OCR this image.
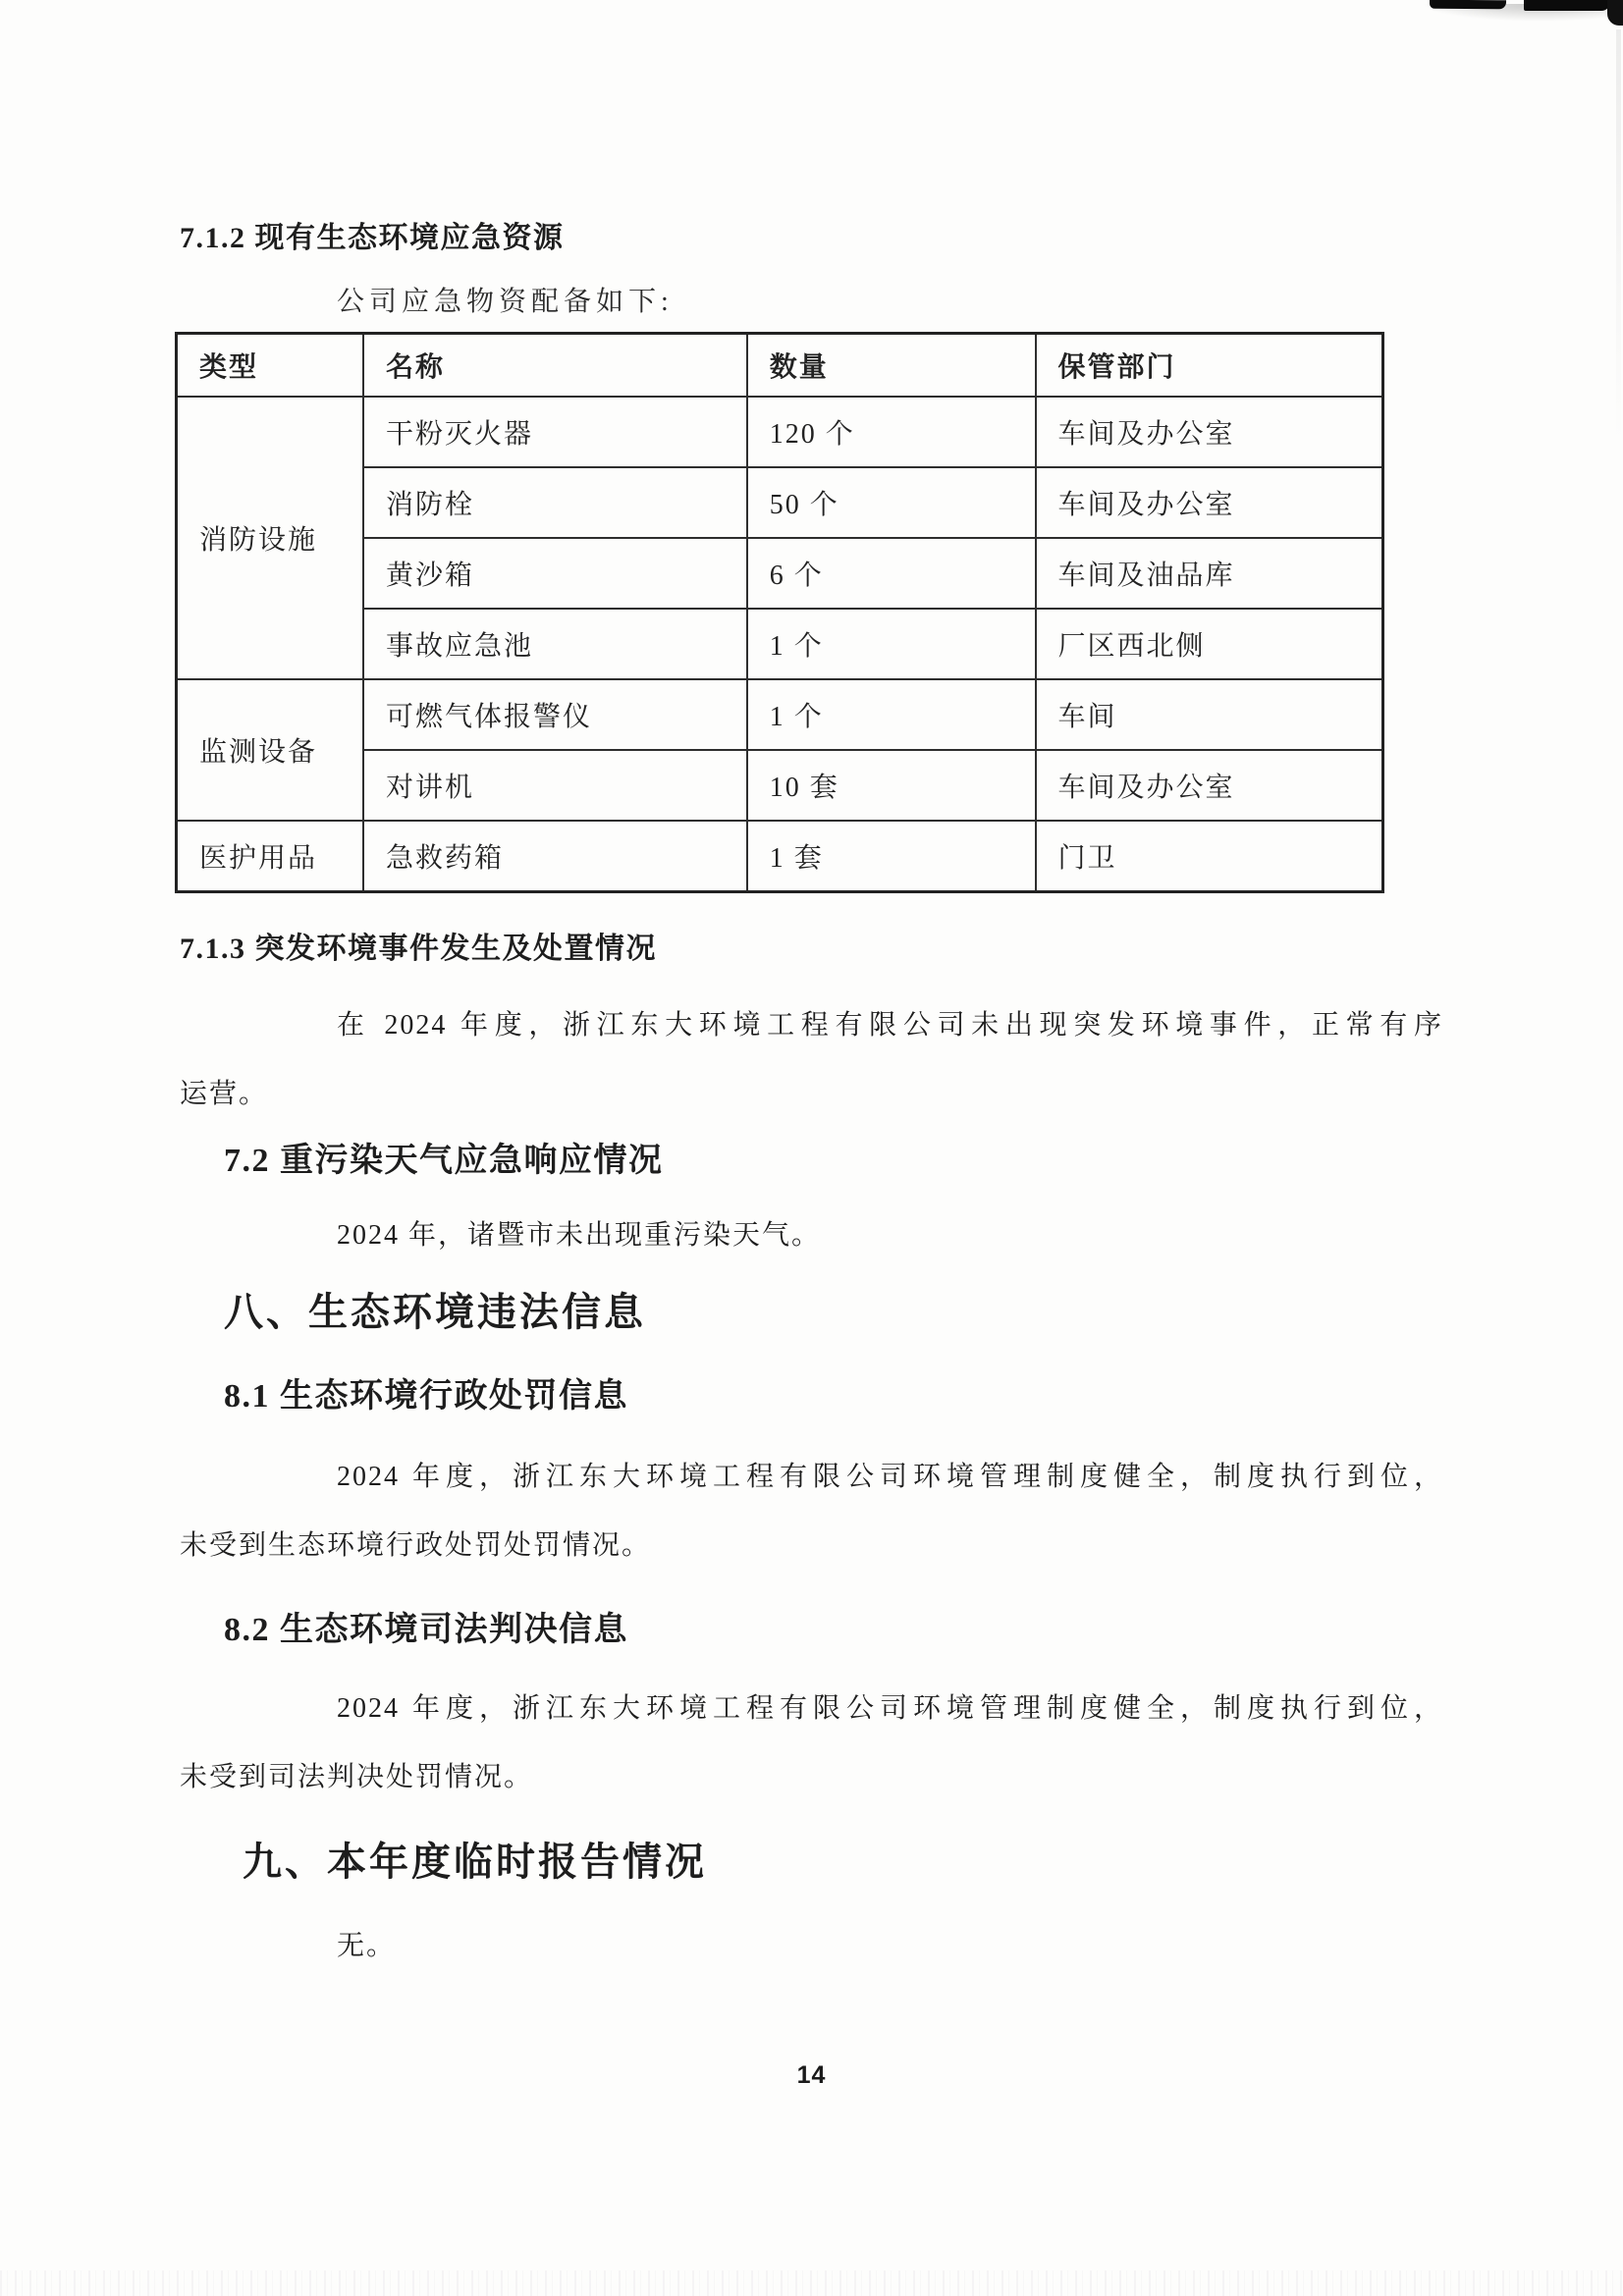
7.1.2 现有生态环境应急资源
公司应急物资配备如下:
类型	名称	数量	保管部门
消防设施	干粉灭火器	120 个	车间及办公室
	消防栓	50 个	车间及办公室
	黄沙箱	6 个	车间及油品库
	事故应急池	1 个	厂区西北侧
监测设备	可燃气体报警仪	1 个	车间
	对讲机	10 套	车间及办公室
医护用品	急救药箱	1 套	门卫
7.1.3 突发环境事件发生及处置情况
在 2024 年度，浙江东大环境工程有限公司未出现突发环境事件，正常有序
运营。
7.2 重污染天气应急响应情况
2024 年，诸暨市未出现重污染天气。
八、生态环境违法信息
8.1 生态环境行政处罚信息
2024 年度，浙江东大环境工程有限公司环境管理制度健全，制度执行到位，
未受到生态环境行政处罚处罚情况。
8.2 生态环境司法判决信息
2024 年度，浙江东大环境工程有限公司环境管理制度健全，制度执行到位，
未受到司法判决处罚情况。
九、本年度临时报告情况
无。
14
